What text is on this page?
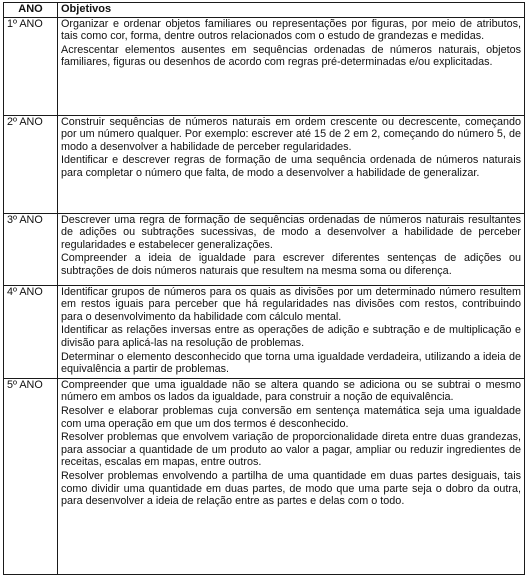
ANO	Objetivos
1º ANO	Organizar e ordenar objetos familiares ou representações por figuras, por meio de atributos, tais como cor, forma, dentre outros relacionados com o estudo de grandezas e medidas.

Acrescentar elementos ausentes em sequências ordenadas de números naturais, objetos familiares, figuras ou desenhos de acordo com regras pré-determinadas e/ou explicitadas.

2º ANO	Construir sequências de números naturais em ordem crescente ou decrescente, começando por um número qualquer. Por exemplo: escrever até 15 de 2 em 2, começando do número 5, de modo a desenvolver a habilidade de perceber regularidades.

Identificar e descrever regras de formação de uma sequência ordenada de números naturais para completar o número que falta, de modo a desenvolver a habilidade de generalizar.

3º ANO	Descrever uma regra de formação de sequências ordenadas de números naturais resultantes de adições ou subtrações sucessivas, de modo a desenvolver a habilidade de perceber regularidades e estabelecer generalizações.

Compreender a ideia de igualdade para escrever diferentes sentenças de adições ou subtrações de dois números naturais que resultem na mesma soma ou diferença.

4º ANO	Identificar grupos de números para os quais as divisões por um determinado número resultem em restos iguais para perceber que há regularidades nas divisões com restos, contribuindo para o desenvolvimento da habilidade com cálculo mental.

Identificar as relações inversas entre as operações de adição e subtração e de multiplicação e divisão para aplicá-las na resolução de problemas.

Determinar o elemento desconhecido que torna uma igualdade verdadeira, utilizando a ideia de equivalência a partir de problemas.

5º ANO	Compreender que uma igualdade não se altera quando se adiciona ou se subtrai o mesmo número em ambos os lados da igualdade, para construir a noção de equivalência.

Resolver e elaborar problemas cuja conversão em sentença matemática seja uma igualdade com uma operação em que um dos termos é desconhecido.

Resolver problemas que envolvem variação de proporcionalidade direta entre duas grandezas, para associar a quantidade de um produto ao valor a pagar, ampliar ou reduzir ingredientes de receitas, escalas em mapas, entre outros.

Resolver problemas envolvendo a partilha de uma quantidade em duas partes desiguais, tais como dividir uma quantidade em duas partes, de modo que uma parte seja o dobro da outra, para desenvolver a ideia de relação entre as partes e delas com o todo.
